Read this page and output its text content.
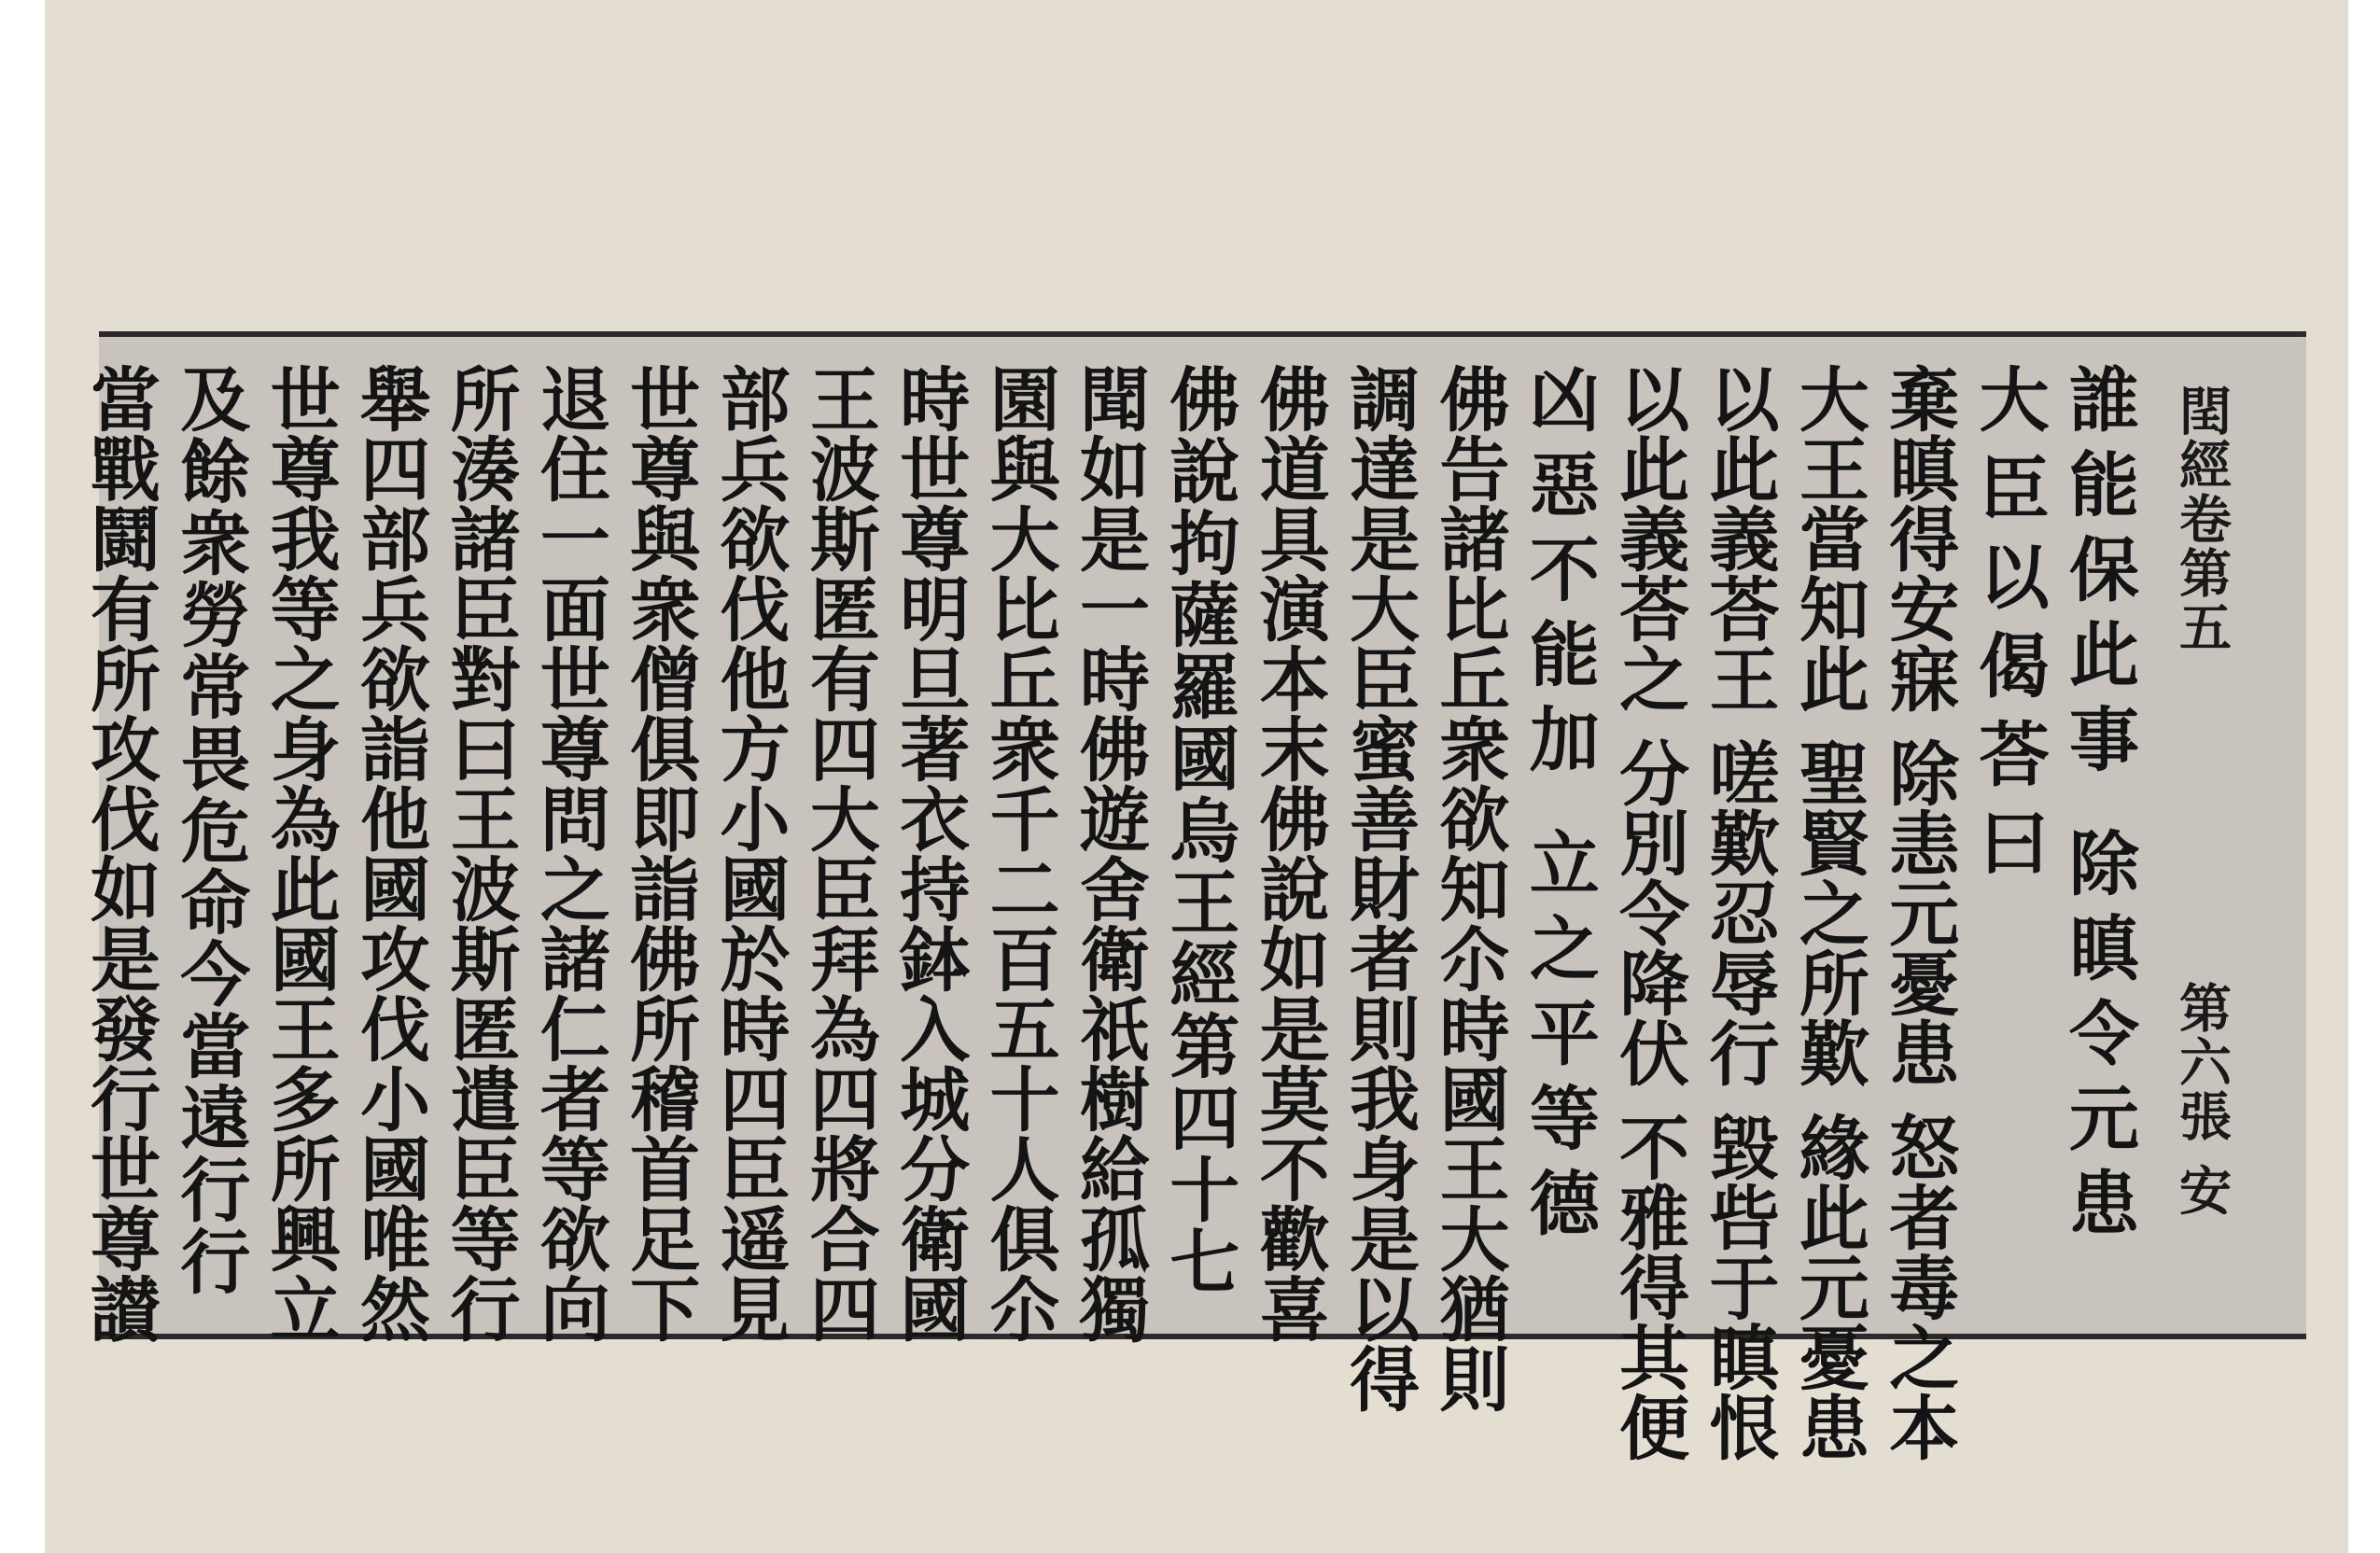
𨳝經卷第五
第六張 安
誰能保此事 除瞋令元患
大臣以偈荅曰
棄瞋得安寐 除恚元憂患 怒者毒之本
大王當知此 聖賢之所歎 緣此元憂患
以此義荅王 嗟歎忍辱行 毀呰于瞋恨
以此義荅之 分別令降伏 不雅得其便
凶惡不能加 立之平等德
佛告諸比丘衆欲知尒時國王大猶則
調達是大臣蜜善財者則我身是以得
佛道具演本末佛說如是莫不歡喜
佛說拘薩羅國烏王經第四十七
聞如是一時佛遊舍衛祇樹給孤獨
園與大比丘衆千二百五十人俱尒
時世尊明旦著衣持鉢入城分衛國
王波斯匿有四大臣拜為四將合四
部兵欲伐他方小國於時四臣遥見
世尊與衆僧俱即詣佛所稽首足下
退住一面世尊問之諸仁者等欲向
所湊諸臣對曰王波斯匿遣臣等行
舉四部兵欲詣他國攻伐小國唯然
世尊我等之身為此國王多所興立
及餘衆勞常畏危命今當遠行行
當戰鬪有所攻伐如是發行世尊讃
